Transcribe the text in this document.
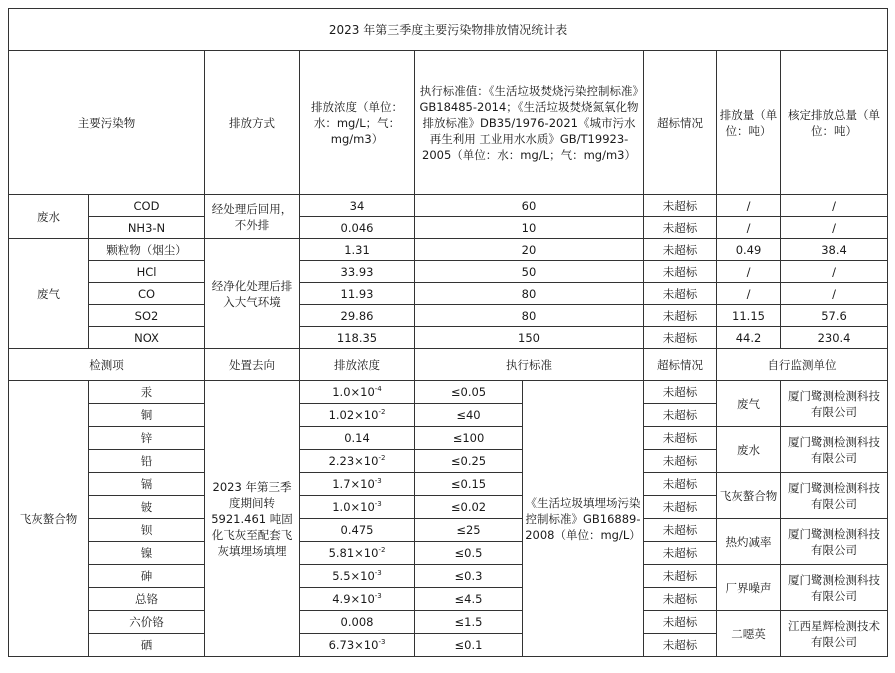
2023 年第三季度主要污染物排放情况统计表								
主要污染物		排放方式	排放浓度（单位：水：mg/L；气：mg/m3）	执行标准值：《生活垃圾焚烧污染控制标准》GB18485-2014；《生活垃圾焚烧氮氧化物排放标准》DB35/1976-2021《城市污水再生利用 工业用水水质》GB/T19923-2005（单位：水：mg/L；气：mg/m3）		超标情况	排放量（单位：吨）	核定排放总量（单位：吨）
废水	COD	经处理后回用，不外排	34	60		未超标	/	/
	NH3-N		0.046	10		未超标	/	/
废气	颗粒物（烟尘）	经净化处理后排入大气环境	1.31	20		未超标	0.49	38.4
	HCl		33.93	50		未超标	/	/
	CO		11.93	80		未超标	/	/
	SO2		29.86	80		未超标	11.15	57.6
	NOX		118.35	150		未超标	44.2	230.4
检测项		处置去向	排放浓度	执行标准		超标情况	自行监测单位	
飞灰螯合物	汞	2023 年第三季度期间转 5921.461 吨固化飞灰至配套飞灰填埋场填埋	$1.0\times 10^{-4}$	≤0.05	《生活垃圾填埋场污染控制标准》GB16889-2008（单位：mg/L）	未超标	废气	厦门鹭测检测科技有限公司
	铜		$1.02\times 10^{-2}$	≤40		未超标		
	锌		0.14	≤100		未超标	废水	厦门鹭测检测科技有限公司
	铅		$2.23\times 10^{-2}$	≤0.25		未超标		
	镉		$1.7\times 10^{-3}$	≤0.15		未超标	飞灰螯合物	厦门鹭测检测科技有限公司
	铍		$1.0\times 10^{-3}$	≤0.02		未超标		
	钡		0.475	≤25		未超标	热灼减率	厦门鹭测检测科技有限公司
	镍		$5.81\times 10^{-2}$	≤0.5		未超标		
	砷		$5.5\times 10^{-3}$	≤0.3		未超标	厂界噪声	厦门鹭测检测科技有限公司
	总铬		$4.9\times 10^{-3}$	≤4.5		未超标		
	六价铬		0.008	≤1.5		未超标	二噁英	江西星辉检测技术有限公司
	硒		$6.73\times 10^{-3}$	≤0.1		未超标		
